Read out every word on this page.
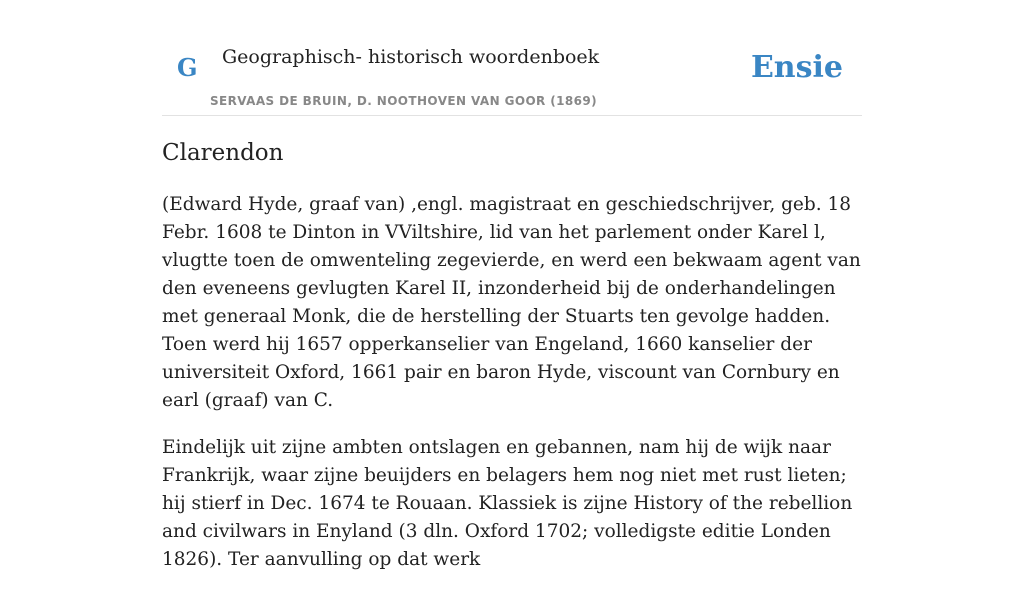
G Geographisch- historisch woordenboek
SERVAAS DE BRUIN, D. NOOTHOVEN VAN GOOR (1869)
Ensie
Clarendon

(Edward Hyde, graaf van) ,engl. magistraat en geschiedschrijver, geb. 18 Febr. 1608 te Dinton in VViltshire, lid van het parlement onder Karel l, vlugtte toen de omwenteling zegevierde, en werd een bekwaam agent van den eveneens gevlugten Karel II, inzonderheid bij de onderhandelingen met generaal Monk, die de herstelling der Stuarts ten gevolge hadden. Toen werd hij 1657 opperkanselier van Engeland, 1660 kanselier der universiteit Oxford, 1661 pair en baron Hyde, viscount van Cornbury en earl (graaf) van C.

Eindelijk uit zijne ambten ontslagen en gebannen, nam hij de wijk naar Frankrijk, waar zijne beuijders en belagers hem nog niet met rust lieten; hij stierf in Dec. 1674 te Rouaan. Klassiek is zijne History of the rebellion and civilwars in Enyland (3 dln. Oxford 1702; volledigste editie Londen 1826). Ter aanvulling op dat werk
